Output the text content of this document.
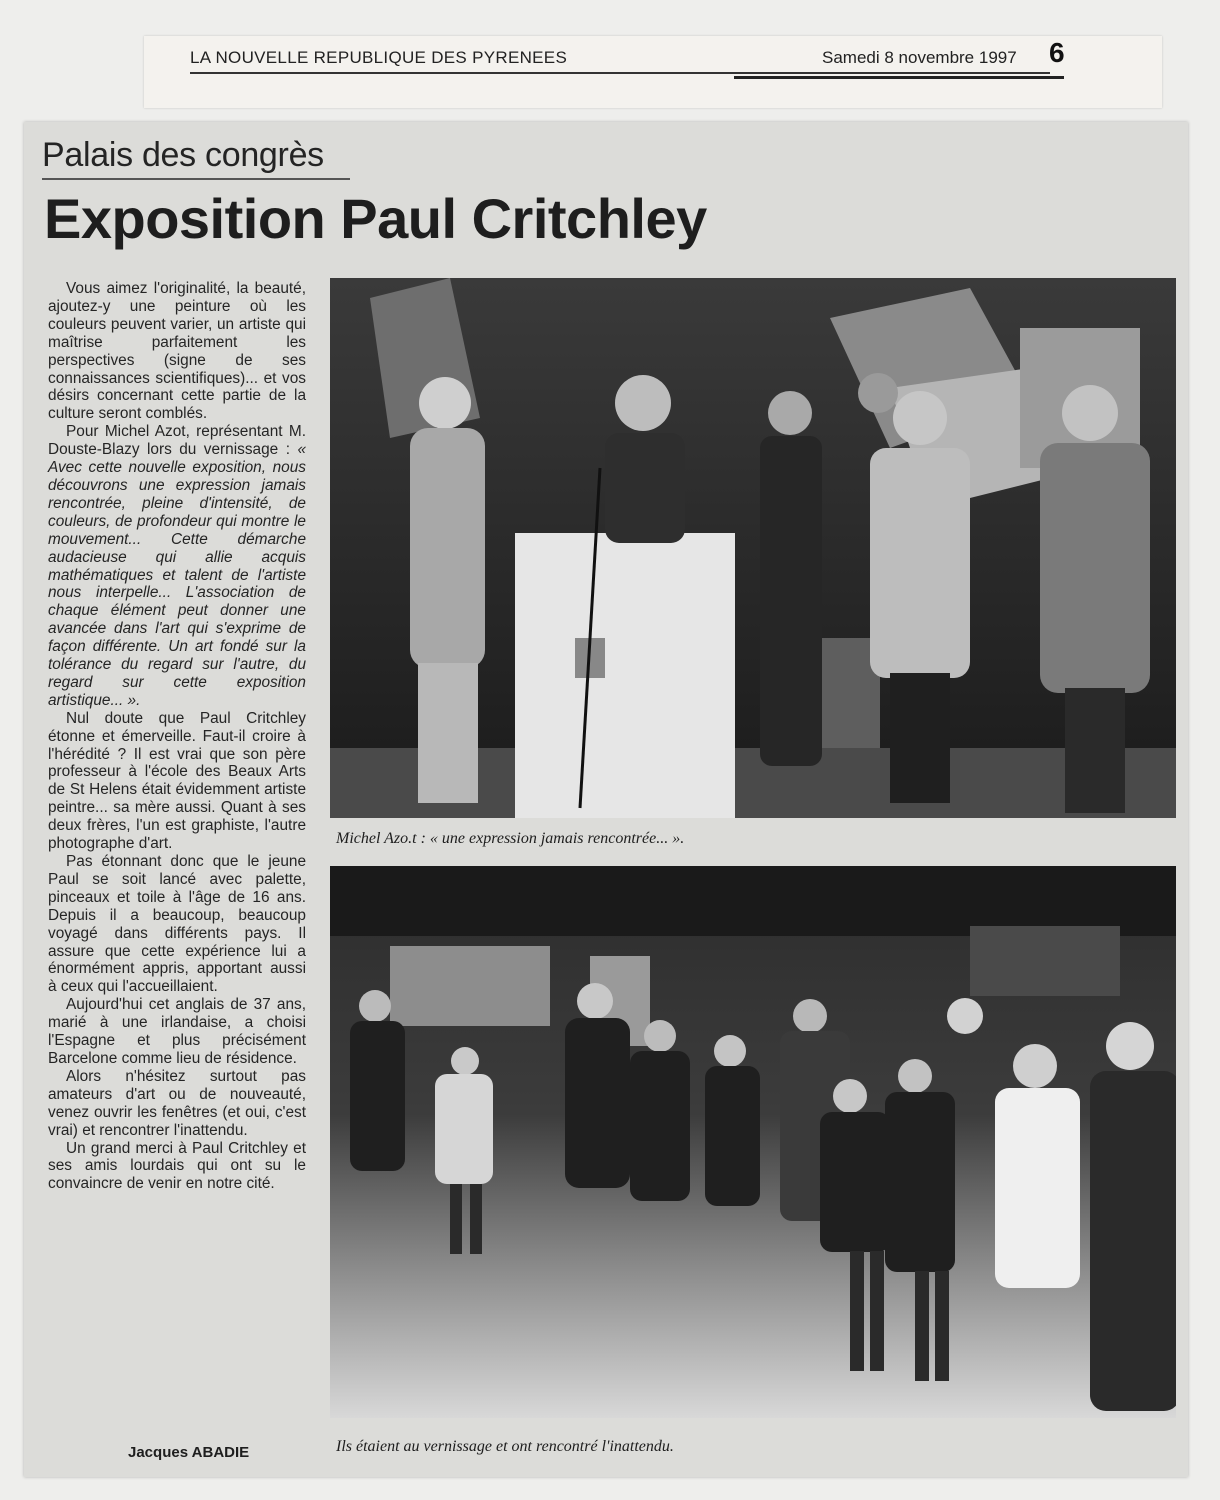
LA NOUVELLE REPUBLIQUE DES PYRENEES	Samedi 8 novembre 1997 6
Palais des congrès
Exposition Paul Critchley

Vous aimez l'originalité, la beauté, ajoutez-y une peinture où les couleurs peuvent varier, un artiste qui maîtrise parfaitement les perspectives (signe de ses connaissances scientifiques)... et vos désirs concernant cette partie de la culture seront comblés.

Pour Michel Azot, représentant M. Douste-Blazy lors du vernissage : « Avec cette nouvelle exposition, nous découvrons une expression jamais rencontrée, pleine d'intensité, de couleurs, de profondeur qui montre le mouvement... Cette démarche audacieuse qui allie acquis mathématiques et talent de l'artiste nous interpelle... L'association de chaque élément peut donner une avancée dans l'art qui s'exprime de façon différente. Un art fondé sur la tolérance du regard sur l'autre, du regard sur cette exposition artistique... ».

Nul doute que Paul Critchley étonne et émerveille. Faut-il croire à l'hérédité ? Il est vrai que son père professeur à l'école des Beaux Arts de St Helens était évidemment artiste peintre... sa mère aussi. Quant à ses deux frères, l'un est graphiste, l'autre photographe d'art.

Pas étonnant donc que le jeune Paul se soit lancé avec palette, pinceaux et toile à l'âge de 16 ans. Depuis il a beaucoup, beaucoup voyagé dans différents pays. Il assure que cette expérience lui a énormément appris, apportant aussi à ceux qui l'accueillaient.

Aujourd'hui cet anglais de 37 ans, marié à une irlandaise, a choisi l'Espagne et plus précisément Barcelone comme lieu de résidence.

Alors n'hésitez surtout pas amateurs d'art ou de nouveauté, venez ouvrir les fenêtres (et oui, c'est vrai) et rencontrer l'inattendu.

Un grand merci à Paul Critchley et ses amis lourdais qui ont su le convaincre de venir en notre cité.

Jacques ABADIE
Michel Azo.t : « une expression jamais rencontrée... ».
Ils étaient au vernissage et ont rencontré l'inattendu.
